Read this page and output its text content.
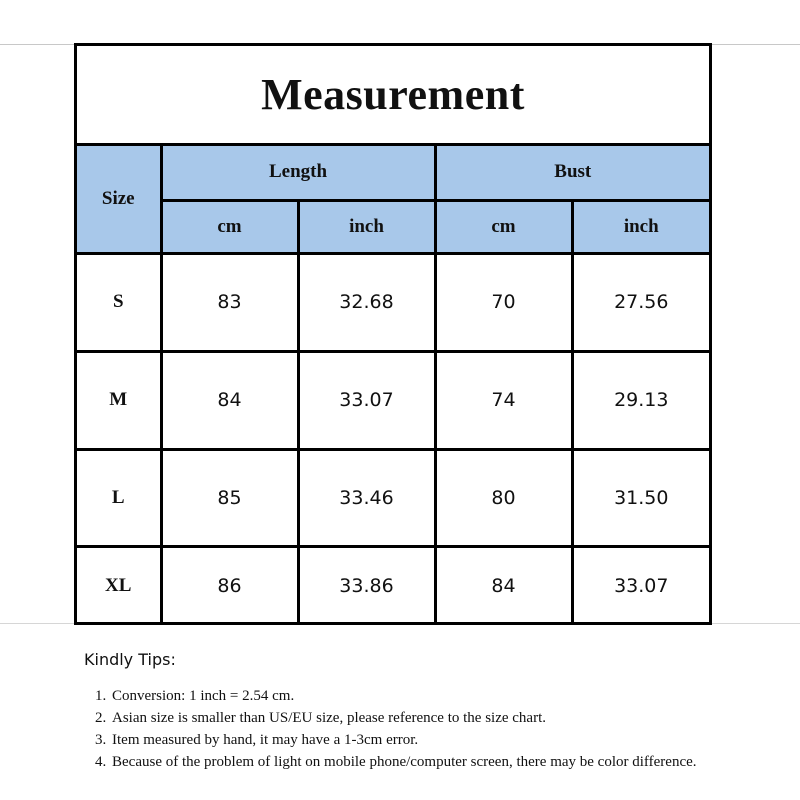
Measurement
Size	Length		Bust	
	cm	inch	cm	inch
S	83	32.68	70	27.56
M	84	33.07	74	29.13
L	85	33.46	80	31.50
XL	86	33.86	84	33.07

Kindly Tips:

1. Conversion: 1 inch = 2.54 cm.
2. Asian size is smaller than US/EU size, please reference to the size chart.
3. Item measured by hand, it may have a 1-3cm error.
4. Because of the problem of light on mobile phone/computer screen, there may be color difference.
